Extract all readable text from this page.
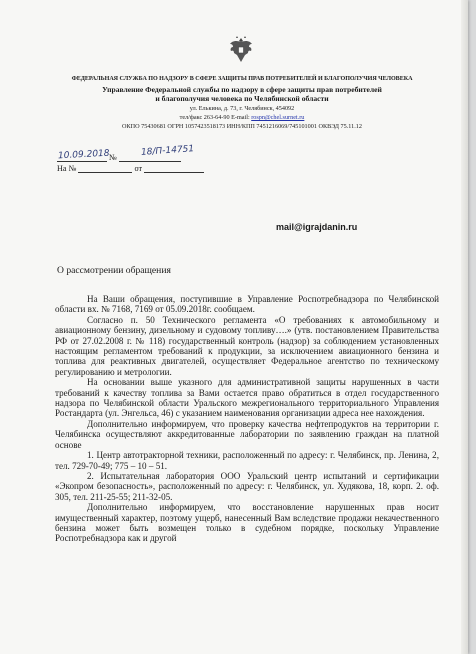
ФЕДЕРАЛЬНАЯ СЛУЖБА ПО НАДЗОРУ В СФЕРЕ ЗАЩИТЫ ПРАВ ПОТРЕБИТЕЛЕЙ И БЛАГОПОЛУЧИЯ ЧЕЛОВЕКА
Управление Федеральной службы по надзору в сфере защиты прав потребителей
и благополучия человека по Челябинской области
ул. Елькина, д. 73, г. Челябинск, 454092
тел/факс 263-64-90 E-mail: rospn@chel.surnet.ru
ОКПО 75430681 ОГРН 1057423518173 ИНН/КПП 7451216069/745101001 ОКВЭД 75.11.12
№
На №	от
10.09.2018	18/П-14751
mail@igrajdanin.ru
О рассмотрении обращения

На Ваши обращения, поступившие в Управление Роспотребнадзора по Челябинской области вх. № 7168, 7169 от 05.09.2018г. сообщаем.

Согласно п. 50 Технического регламента «О требованиях к автомобильному и авиационному бензину, дизельному и судовому топливу….» (утв. постановлением Правительства РФ от 27.02.2008 г. № 118) государственный контроль (надзор) за соблюдением установленных настоящим регламентом требований к продукции, за исключением авиационного бензина и топлива для реактивных двигателей, осуществляет Федеральное агентство по техническому регулированию и метрологии.

На основании выше указного для административной защиты нарушенных в части требований к качеству топлива за Вами остается право обратиться в отдел государственного надзора по Челябинской области Уральского межрегионального территориального Управления Ростандарта (ул. Энгельса, 46) с указанием наименования организации адреса нее нахождения.

Дополнительно информируем, что проверку качества нефтепродуктов на территории г. Челябинска осуществляют аккредитованные лаборатории по заявлению граждан на платной основе

1. Центр автотракторной техники, расположенный по адресу: г. Челябинск, пр. Ленина, 2, тел. 729-70-49; 775 – 10 – 51.

2. Испытательная лаборатория ООО Уральский центр испытаний и сертификации «Экопром безопасность», расположенный по адресу: г. Челябинск, ул. Худякова, 18, корп. 2. оф. 305, тел. 211-25-55; 211-32-05.

Дополнительно информируем, что восстановление нарушенных прав носит имущественный характер, поэтому ущерб, нанесенный Вам вследствие продажи некачественного бензина может быть возмещен только в судебном порядке, поскольку Управление Роспотребнадзора как и другой
